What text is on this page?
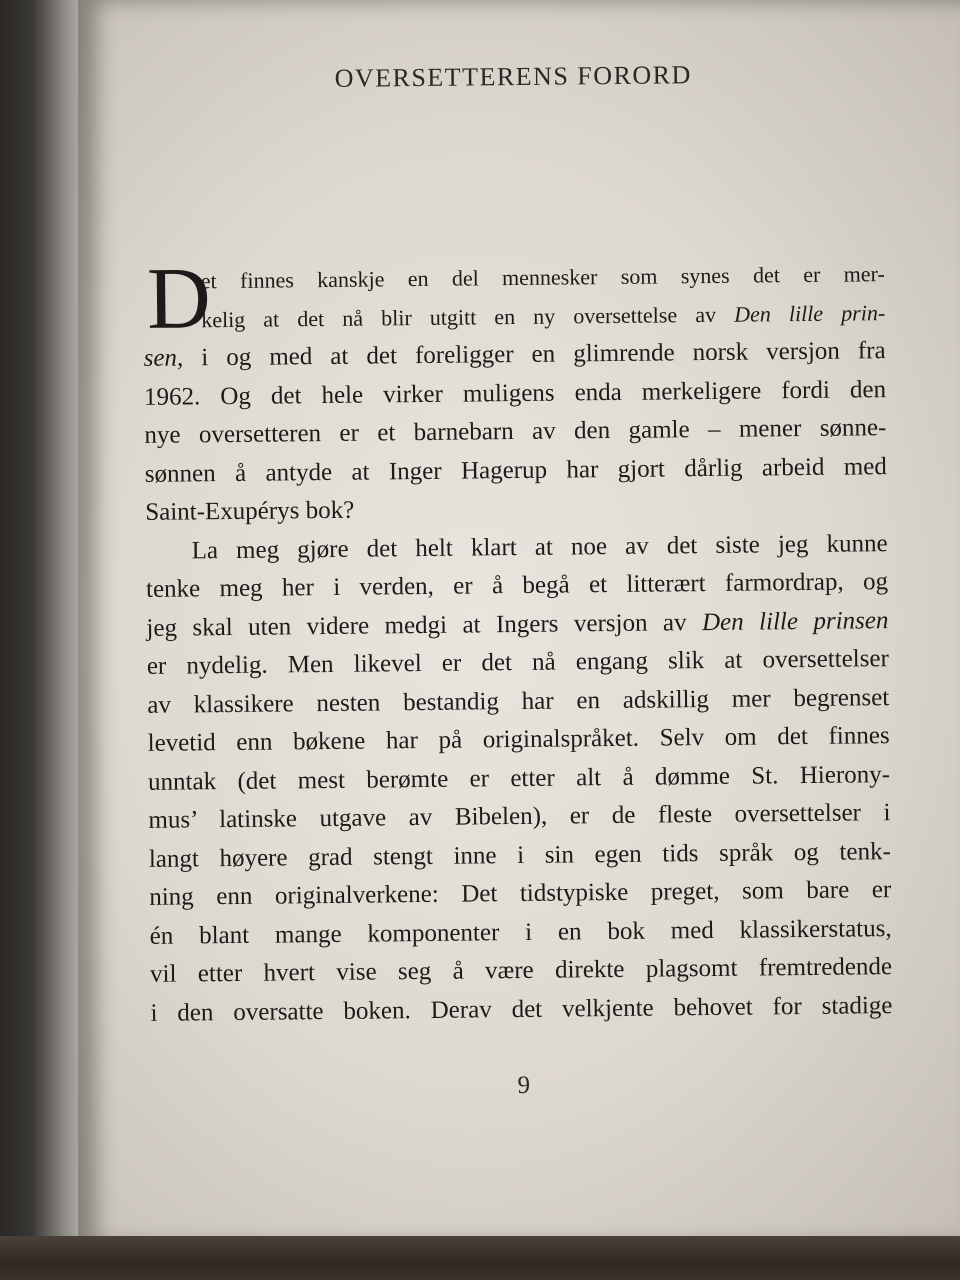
OVERSETTERENS FORORD
D
et finnes kanskje en del mennesker som synes det er mer-
kelig at det nå blir utgitt en ny oversettelse av Den lille prin-
sen, i og med at det foreligger en glimrende norsk versjon fra
1962. Og det hele virker muligens enda merkeligere fordi den
nye oversetteren er et barnebarn av den gamle – mener sønne-
sønnen å antyde at Inger Hagerup har gjort dårlig arbeid med
Saint-Exupérys bok?
La meg gjøre det helt klart at noe av det siste jeg kunne
tenke meg her i verden, er å begå et litterært farmordrap, og
jeg skal uten videre medgi at Ingers versjon av Den lille prinsen
er nydelig. Men likevel er det nå engang slik at oversettelser
av klassikere nesten bestandig har en adskillig mer begrenset
levetid enn bøkene har på originalspråket. Selv om det finnes
unntak (det mest berømte er etter alt å dømme St. Hierony-
mus’ latinske utgave av Bibelen), er de fleste oversettelser i
langt høyere grad stengt inne i sin egen tids språk og tenk-
ning enn originalverkene: Det tidstypiske preget, som bare er
én blant mange komponenter i en bok med klassikerstatus,
vil etter hvert vise seg å være direkte plagsomt fremtredende
i den oversatte boken. Derav det velkjente behovet for stadige

9
